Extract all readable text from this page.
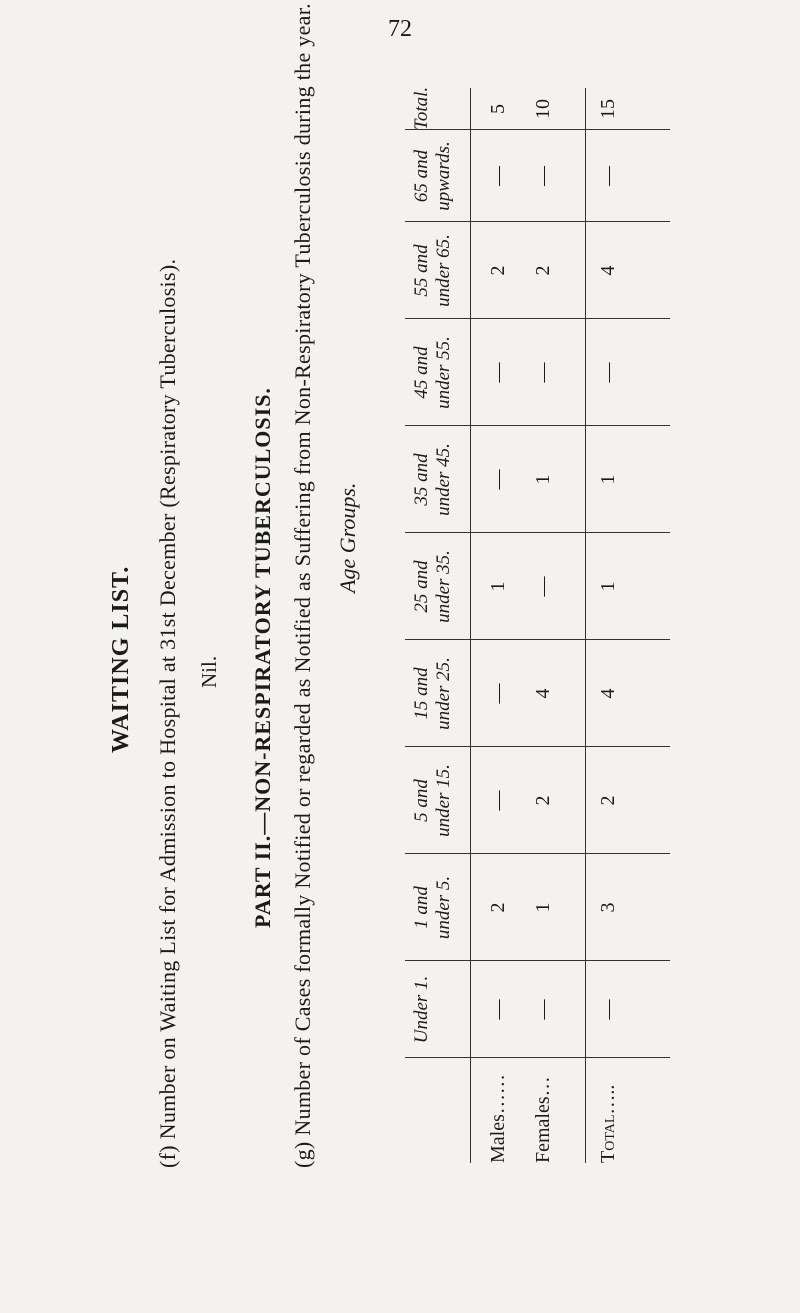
72
WAITING LIST. (f) Number on Waiting List for Admission to Hospital at 31st December (Respiratory Tuberculosis). Nil. PART II.—NON-RESPIRATORY TUBERCULOSIS. (g) Number of Cases formally Notified or regarded as Notified as Suffering from Non-Respiratory Tuberculosis during the year. Age Groups.
Males…… Females… Total…..
Under 1.	— — —
1 and
under 5. 2 1 3
5 and
under 15. — 2 2
15 and
under 25. — 4 4
25 and
under 35. 1 — 1
35 and
under 45. — 1 1
45 and
under 55. — — —
55 and
under 65. 2 2 4
65 and
upwards. — — —
Total.	5 10 15
